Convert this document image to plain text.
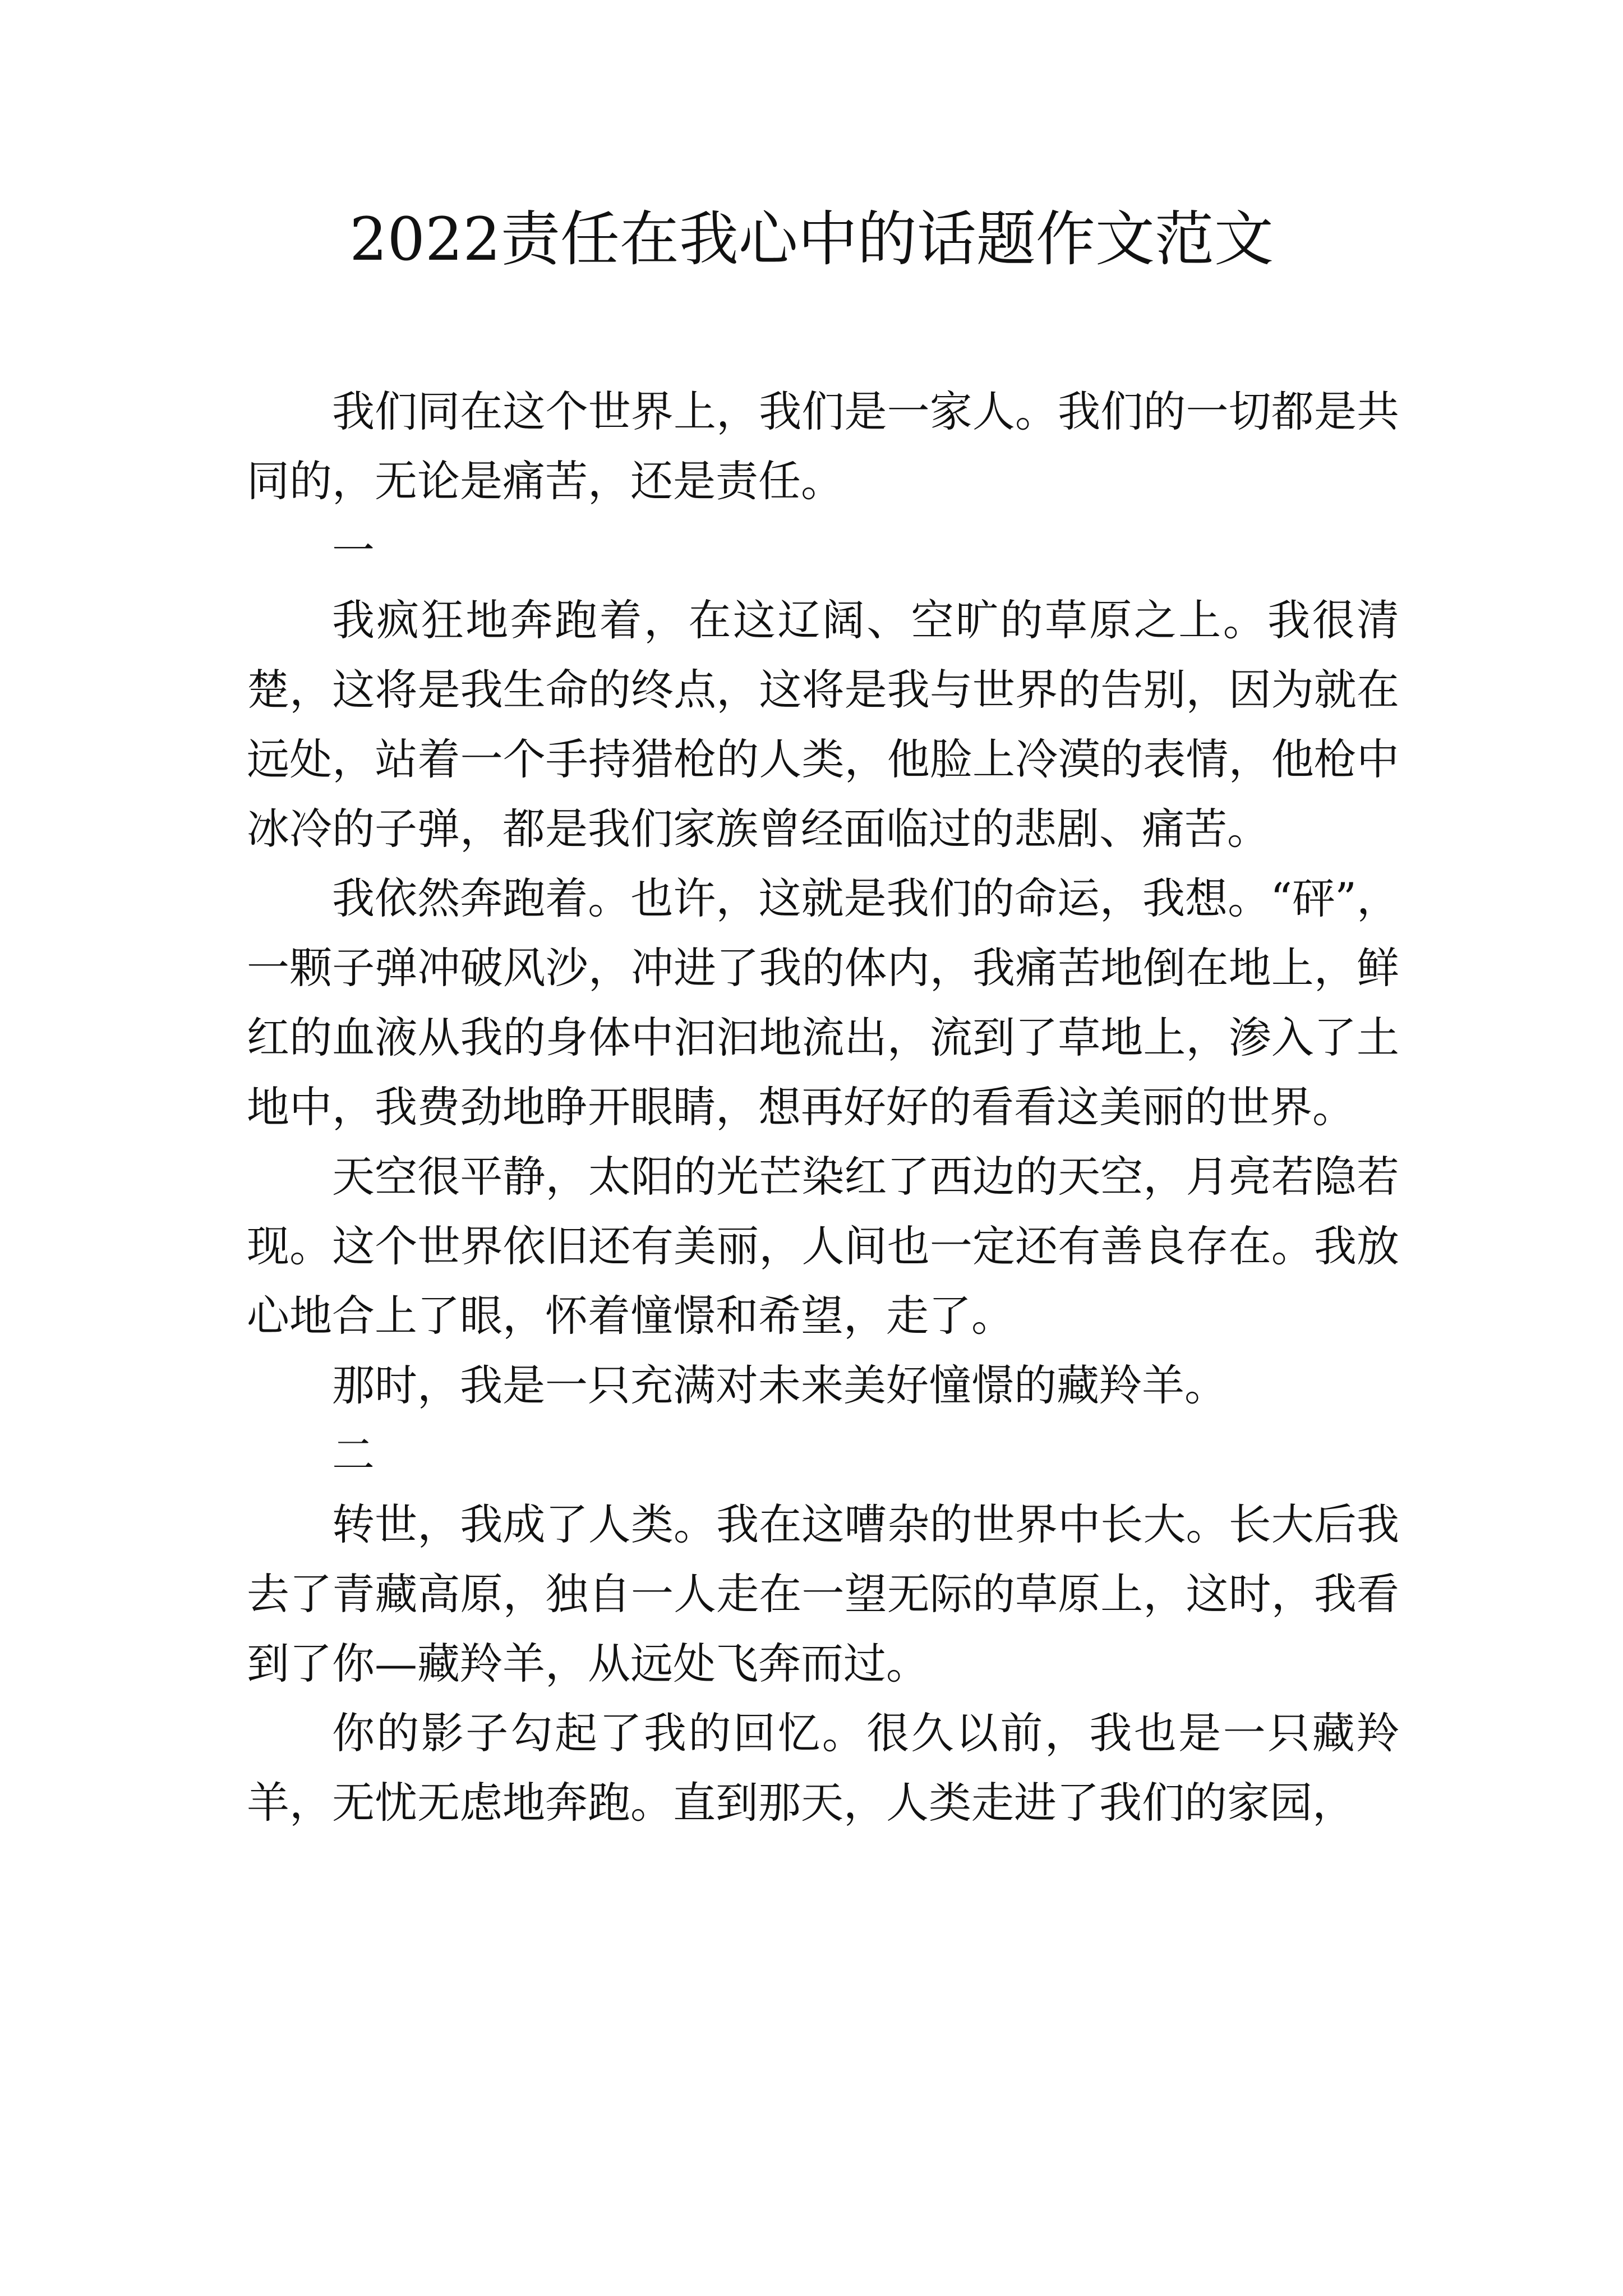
2022责任在我心中的话题作文范文

我们同在这个世界上，我们是一家人。我们的一切都是共同的，无论是痛苦，还是责任。

一

我疯狂地奔跑着，在这辽阔、空旷的草原之上。我很清楚，这将是我生命的终点，这将是我与世界的告别，因为就在远处，站着一个手持猎枪的人类，他脸上冷漠的表情，他枪中冰冷的子弹，都是我们家族曾经面临过的悲剧、痛苦。

我依然奔跑着。也许，这就是我们的命运，我想。“砰”，一颗子弹冲破风沙，冲进了我的体内，我痛苦地倒在地上，鲜红的血液从我的身体中汩汩地流出，流到了草地上，渗入了土地中，我费劲地睁开眼睛，想再好好的看看这美丽的世界。

天空很平静，太阳的光芒染红了西边的天空，月亮若隐若现。这个世界依旧还有美丽，人间也一定还有善良存在。我放心地合上了眼，怀着憧憬和希望，走了。

那时，我是一只充满对未来美好憧憬的藏羚羊。

二

转世，我成了人类。我在这嘈杂的世界中长大。长大后我去了青藏高原，独自一人走在一望无际的草原上，这时，我看到了你—藏羚羊，从远处飞奔而过。

你的影子勾起了我的回忆。很久以前，我也是一只藏羚羊，无忧无虑地奔跑。直到那天，人类走进了我们的家园，
